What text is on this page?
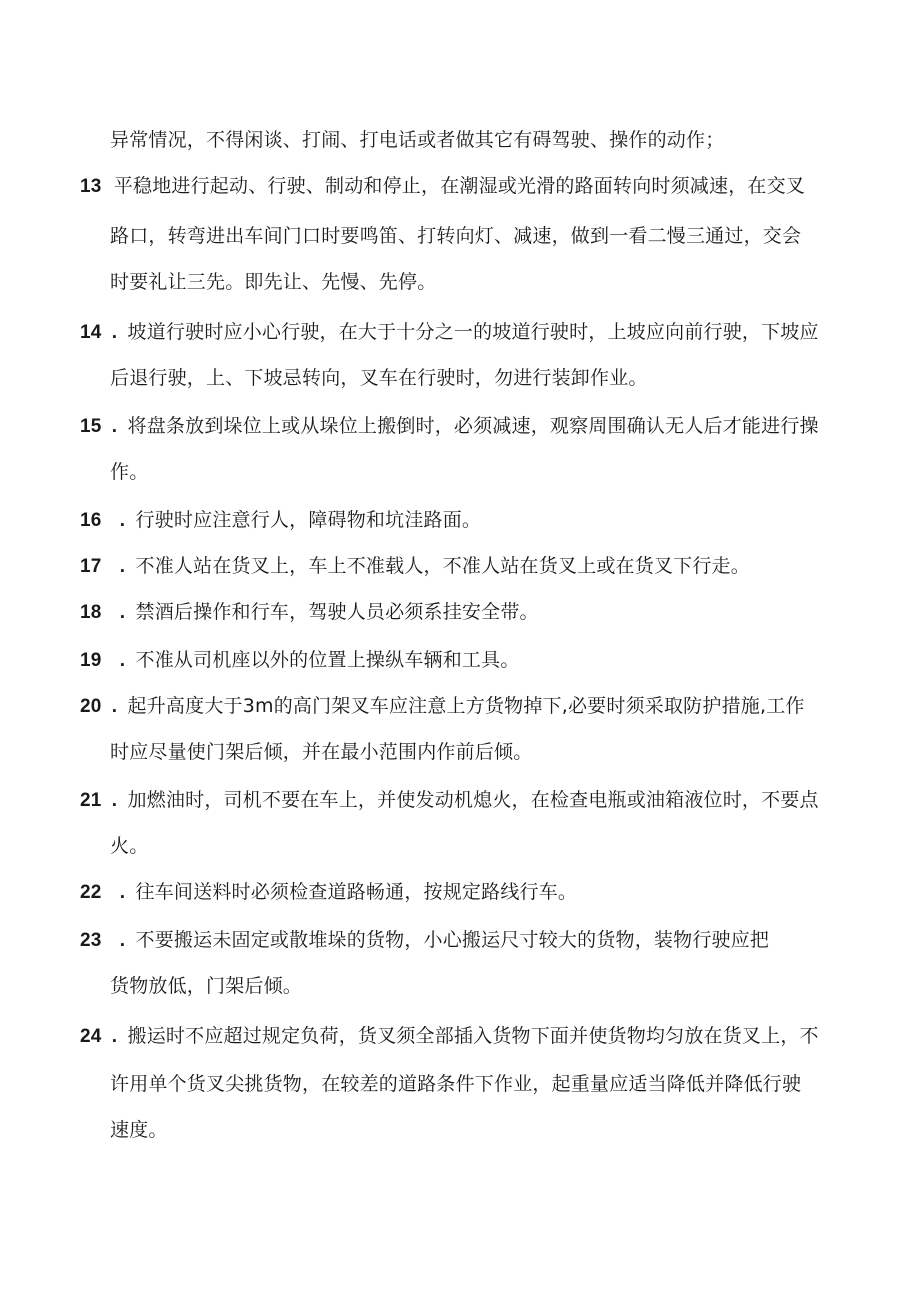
异常情况，不得闲谈、打闹、打电话或者做其它有碍驾驶、操作的动作；
13 平稳地进行起动、行驶、制动和停止，在潮湿或光滑的路面转向时须减速，在交叉
路口，转弯进出车间门口时要鸣笛、打转向灯、减速，做到一看二慢三通过，交会
时要礼让三先。即先让、先慢、先停。
14 . 坡道行驶时应小心行驶，在大于十分之一的坡道行驶时，上坡应向前行驶，下坡应
后退行驶，上、下坡忌转向，叉车在行驶时，勿进行装卸作业。
15 . 将盘条放到垛位上或从垛位上搬倒时，必须减速，观察周围确认无人后才能进行操
作。
16 . 行驶时应注意行人，障碍物和坑洼路面。
17 . 不准人站在货叉上，车上不准载人，不准人站在货叉上或在货叉下行走。
18 . 禁酒后操作和行车，驾驶人员必须系挂安全带。
19 . 不准从司机座以外的位置上操纵车辆和工具。
20 . 起升高度大于3m的高门架叉车应注意上方货物掉下,必要时须采取防护措施,工作
时应尽量使门架后倾，并在最小范围内作前后倾。
21 . 加燃油时，司机不要在车上，并使发动机熄火，在检查电瓶或油箱液位时，不要点
火。
22 . 往车间送料时必须检查道路畅通，按规定路线行车。
23 . 不要搬运未固定或散堆垛的货物，小心搬运尺寸较大的货物，装物行驶应把
货物放低，门架后倾。
24 . 搬运时不应超过规定负荷，货叉须全部插入货物下面并使货物均匀放在货叉上，不
许用单个货叉尖挑货物，在较差的道路条件下作业，起重量应适当降低并降低行驶
速度。
